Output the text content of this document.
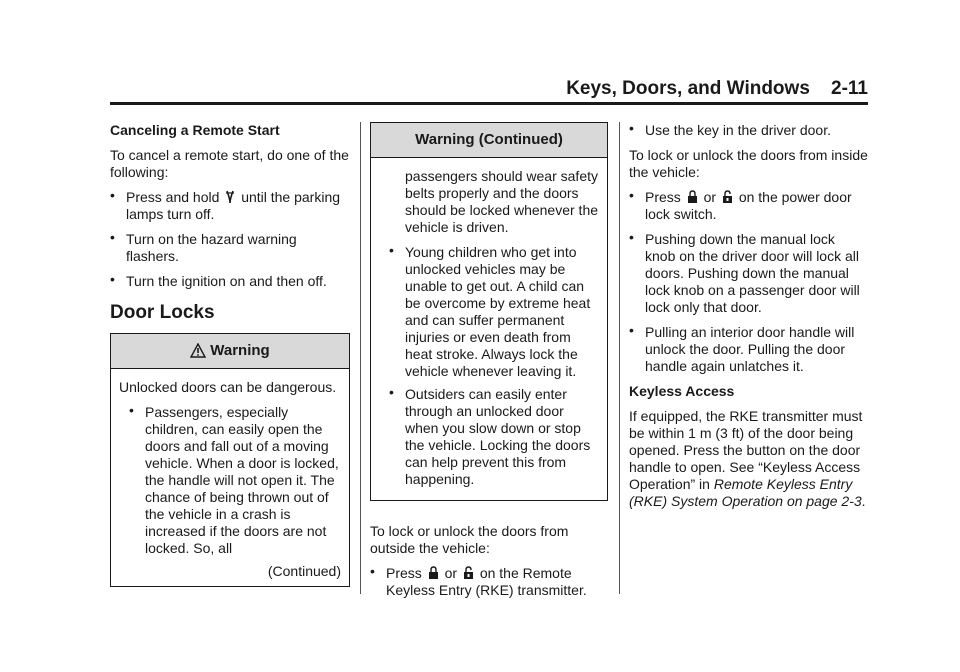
Keys, Doors, and Windows 2-11
Canceling a Remote Start

To cancel a remote start, do one of the following:

• Press and hold until the parking lamps turn off.
• Turn on the hazard warning flashers.
• Turn the ignition on and then off.
Door Locks
Warning

Unlocked doors can be dangerous.

• Passengers, especially children, can easily open the doors and fall out of a moving vehicle. When a door is locked, the handle will not open it. The chance of being thrown out of the vehicle in a crash is increased if the doors are not locked. So, all

(Continued)

Warning (Continued)

passengers should wear safety belts properly and the doors should be locked whenever the vehicle is driven.

• Young children who get into unlocked vehicles may be unable to get out. A child can be overcome by extreme heat and can suffer permanent injuries or even death from heat stroke. Always lock the vehicle whenever leaving it.
• Outsiders can easily enter through an unlocked door when you slow down or stop the vehicle. Locking the doors can help prevent this from happening.

To lock or unlock the doors from outside the vehicle:

• Press or on the Remote Keyless Entry (RKE) transmitter.
• Use the key in the driver door.

To lock or unlock the doors from inside the vehicle:

• Press or on the power door lock switch.
• Pushing down the manual lock knob on the driver door will lock all doors. Pushing down the manual lock knob on a passenger door will lock only that door.
• Pulling an interior door handle will unlock the door. Pulling the door handle again unlatches it.
Keyless Access

If equipped, the RKE transmitter must be within 1 m (3 ft) of the door being opened. Press the button on the door handle to open. See “Keyless Access Operation” in Remote Keyless Entry (RKE) System Operation on page 2-3.
